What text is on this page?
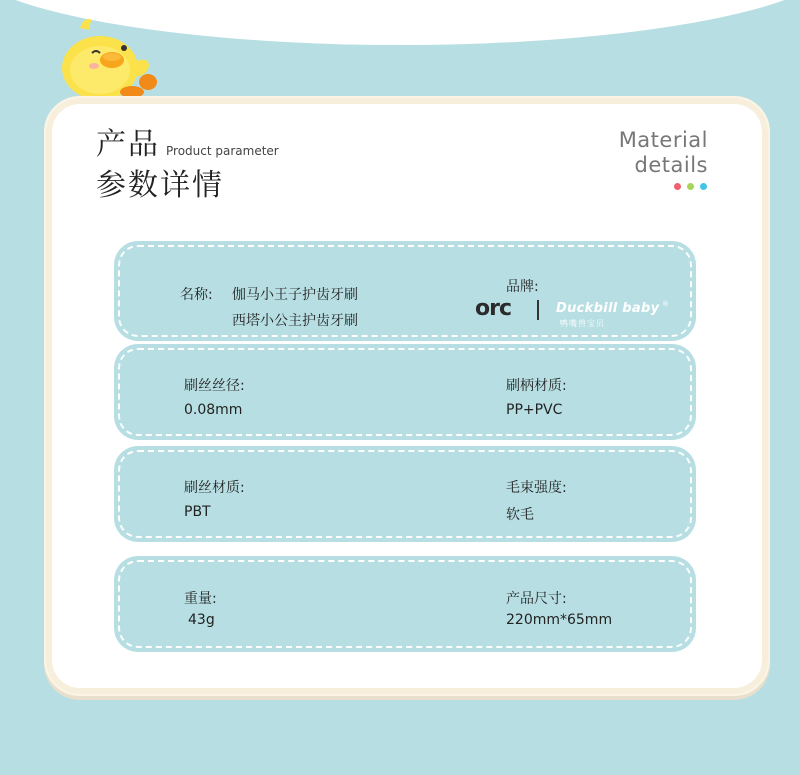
产品 Product parameter
参数详情
Material
details
名称: 伽马小王子护齿牙刷
西塔小公主护齿牙刷
品牌:
orc	Duckbill baby
鸭嘴兽宝贝
®
刷丝丝径:
0.08mm
刷柄材质:
PP+PVC
刷丝材质:
PBT
毛束强度:
软毛
重量:
43g
产品尺寸:
220mm*65mm
